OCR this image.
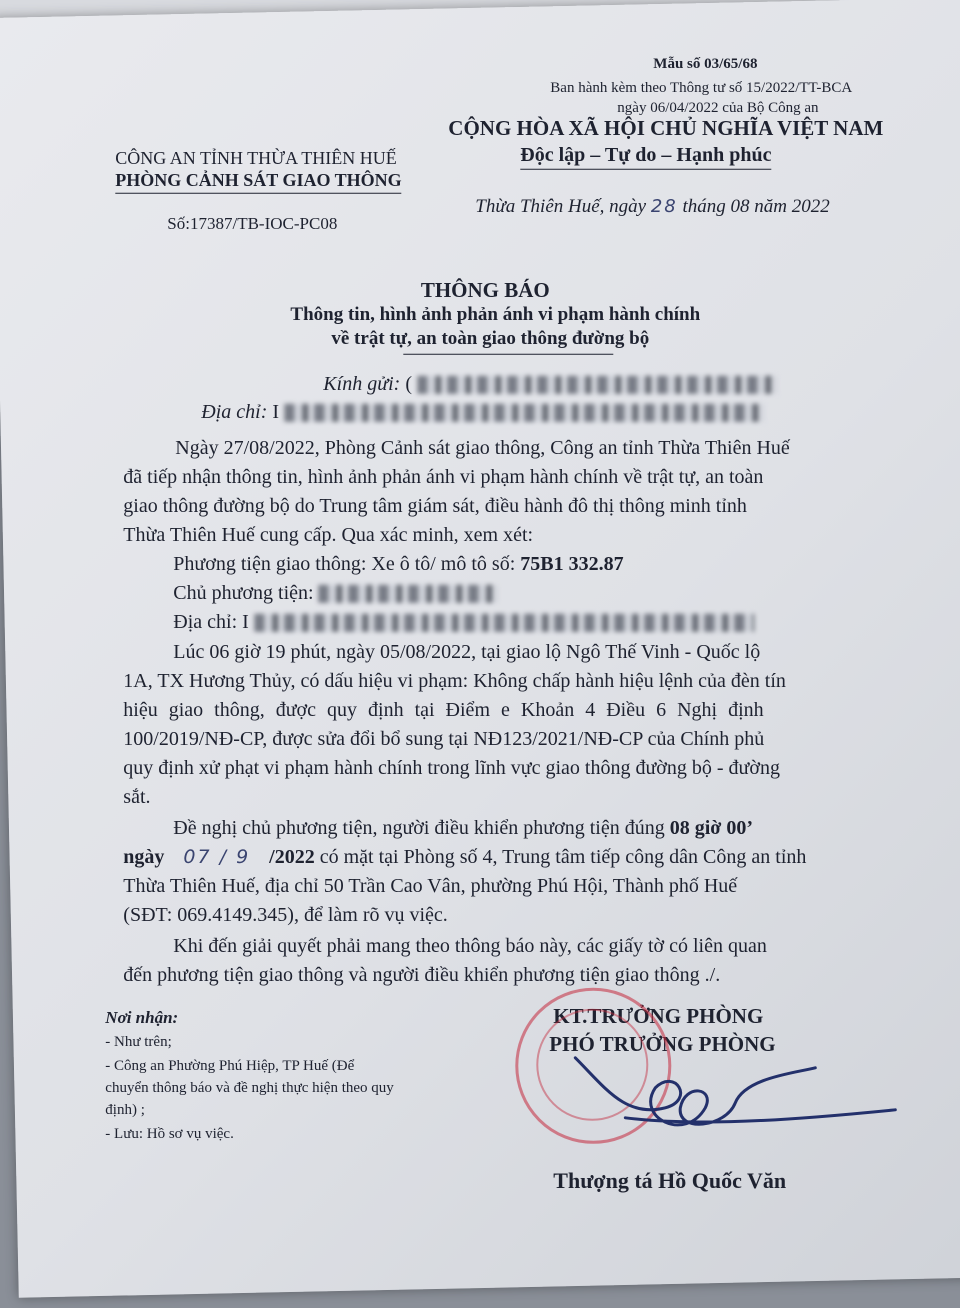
Mẫu số 03/65/68
Ban hành kèm theo Thông tư số 15/2022/TT-BCA
ngày 06/04/2022 của Bộ Công an
CÔNG AN TỈNH THỪA THIÊN HUẾ
PHÒNG CẢNH SÁT GIAO THÔNG
Số:17387/TB-IOC-PC08
CỘNG HÒA XÃ HỘI CHỦ NGHĨA VIỆT NAM
Độc lập – Tự do – Hạnh phúc
Thừa Thiên Huế, ngày 28 tháng 08 năm 2022
THÔNG BÁO
Thông tin, hình ảnh phản ánh vi phạm hành chính
về trật tự, an toàn giao thông đường bộ
Kính gửi: (
Địa chỉ: I
Ngày 27/08/2022, Phòng Cảnh sát giao thông, Công an tỉnh Thừa Thiên Huế
đã tiếp nhận thông tin, hình ảnh phản ánh vi phạm hành chính về trật tự, an toàn
giao thông đường bộ do Trung tâm giám sát, điều hành đô thị thông minh tỉnh
Thừa Thiên Huế cung cấp. Qua xác minh, xem xét:
Phương tiện giao thông: Xe ô tô/ mô tô số: 75B1 332.87
Chủ phương tiện:
Địa chỉ: I
Lúc 06 giờ 19 phút, ngày 05/08/2022, tại giao lộ Ngô Thế Vinh - Quốc lộ
1A, TX Hương Thủy, có dấu hiệu vi phạm: Không chấp hành hiệu lệnh của đèn tín
hiệu giao thông, được quy định tại Điểm e Khoản 4 Điều 6 Nghị định
100/2019/NĐ-CP, được sửa đổi bổ sung tại NĐ123/2021/NĐ-CP của Chính phủ
quy định xử phạt vi phạm hành chính trong lĩnh vực giao thông đường bộ - đường
sắt.
Đề nghị chủ phương tiện, người điều khiển phương tiện đúng 08 giờ 00’
ngày 07 / 9 /2022 có mặt tại Phòng số 4, Trung tâm tiếp công dân Công an tỉnh
Thừa Thiên Huế, địa chỉ 50 Trần Cao Vân, phường Phú Hội, Thành phố Huế
(SĐT: 069.4149.345), để làm rõ vụ việc.
Khi đến giải quyết phải mang theo thông báo này, các giấy tờ có liên quan
đến phương tiện giao thông và người điều khiển phương tiện giao thông ./.
Nơi nhận:
- Như trên;
- Công an Phường Phú Hiệp, TP Huế (Để
chuyển thông báo và đề nghị thực hiện theo quy
định) ;
- Lưu: Hồ sơ vụ việc.
KT.TRƯỞNG PHÒNG
PHÓ TRƯỞNG PHÒNG
Thượng tá Hồ Quốc Văn
